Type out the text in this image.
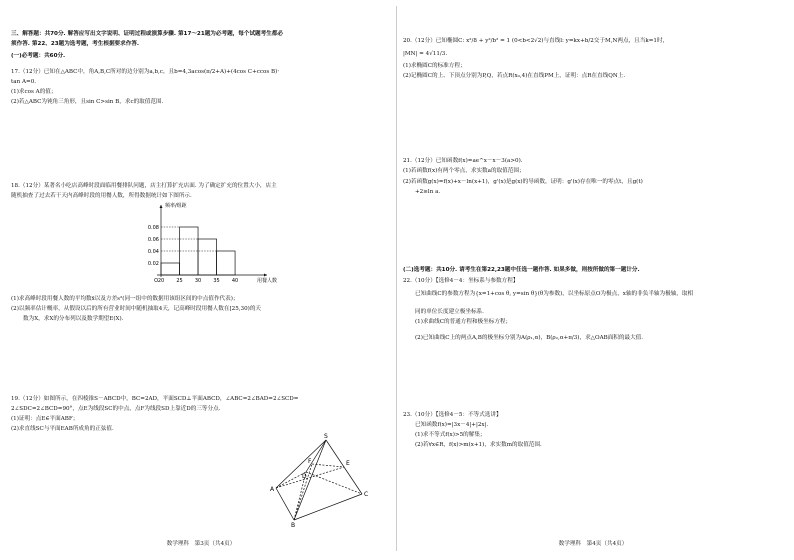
三、解答题：共70分. 解答应写出文字说明、证明过程或演算步骤. 第17～21题为必考题，每个试题考生都必
须作答. 第22、23题为选考题，考生根据要求作答.
(一)必考题：共60分.
17.（12分）已知在△ABC中，角A,B,C所对的边分别为a,b,c，且b=4,3acos(π/2+A)+(4cos C+ccos B)·
tan A=0.
(1)求cos A的值；
(2)若△ABC为钝角三角形，且sin C>sin B，求c的取值范围.
18.（12分）某著名小吃店高峰时段面临用餐排队问题，店主打算扩充店面. 为了确定扩充的位置大小，店主
随机抽查了过去若干天内高峰时段的用餐人数，所得数据统计如下图所示.
0.02
0.04
0.06
0.08
20 25 30 35 40
O	用餐人数
频率/组距
(1)求高峰时段用餐人数的平均数x̄以及方差s²(同一组中的数据用该组区间的中点值作代表)；
(2)以频率估计概率，从假设以后的所有营业时间中随机抽取4天，记高峰时段用餐人数在[25,30)的天
数为X，求X的分布列以及数学期望E(X).
19.（12分）如图所示，在四棱锥S－ABCD中，BC=2AD，平面SCD⊥平面ABCD，∠ABC=2∠BAD=2∠SCD=
2∠SDC=2∠BCD=90°，点E为线段SC的中点，点F为线段SD上靠近D的三等分点.
(1)证明：点E∈平面ABF；
(2)求直线SC与平面EAB所成角的正弦值.
S
A
B
C
D
E
F
数学理科　第3页（共4页）
20.（12分）已知椭圆C: x²/8 + y²/b² = 1 (0<b<2√2)与直线l: y=kx+b/2交于M,N两点，且当k=1时，
|MN| = 4√11/3.
(1)求椭圆C的标准方程；
(2)记椭圆C的上、下顶点分别为P,Q，若点R(x₀,4)在直线PM上，证明：点R在直线QN上.
21.（12分）已知函数f(x)=ae^x－x－3(a>0).
(1)若函数f(x)有两个零点，求实数a的取值范围；
(2)若函数g(x)=f(x)+x－ln(x+1)，g'(x)是g(x)的导函数，证明：g'(x)存在唯一的零点t，且g(t)
+2≥ln a.
(二)选考题：共10分. 请考生在第22,23题中任选一题作答. 如果多做，则按所做的第一题计分.
22.（10分）【选修4－4：坐标系与参数方程】
已知曲线C的参数方程为{x=1+cos θ, y=sin θ}(θ为参数)，以坐标原点O为极点，x轴的非负半轴为极轴，取相
同的单位长度建立极坐标系.
(1)求曲线C的普通方程和极坐标方程；
(2)已知曲线C上的两点A,B的极坐标分别为A(ρ₁,α)，B(ρ₂,α+π/3)，求△OAB面积的最大值.
23.（10分）【选修4－5：不等式选讲】
已知函数f(x)=|3x－4|+|2x|.
(1)求不等式f(x)>5的解集；
(2)若∀x∈R，f(x)>m(x+1)，求实数m的取值范围.
数学理科　第4页（共4页）
